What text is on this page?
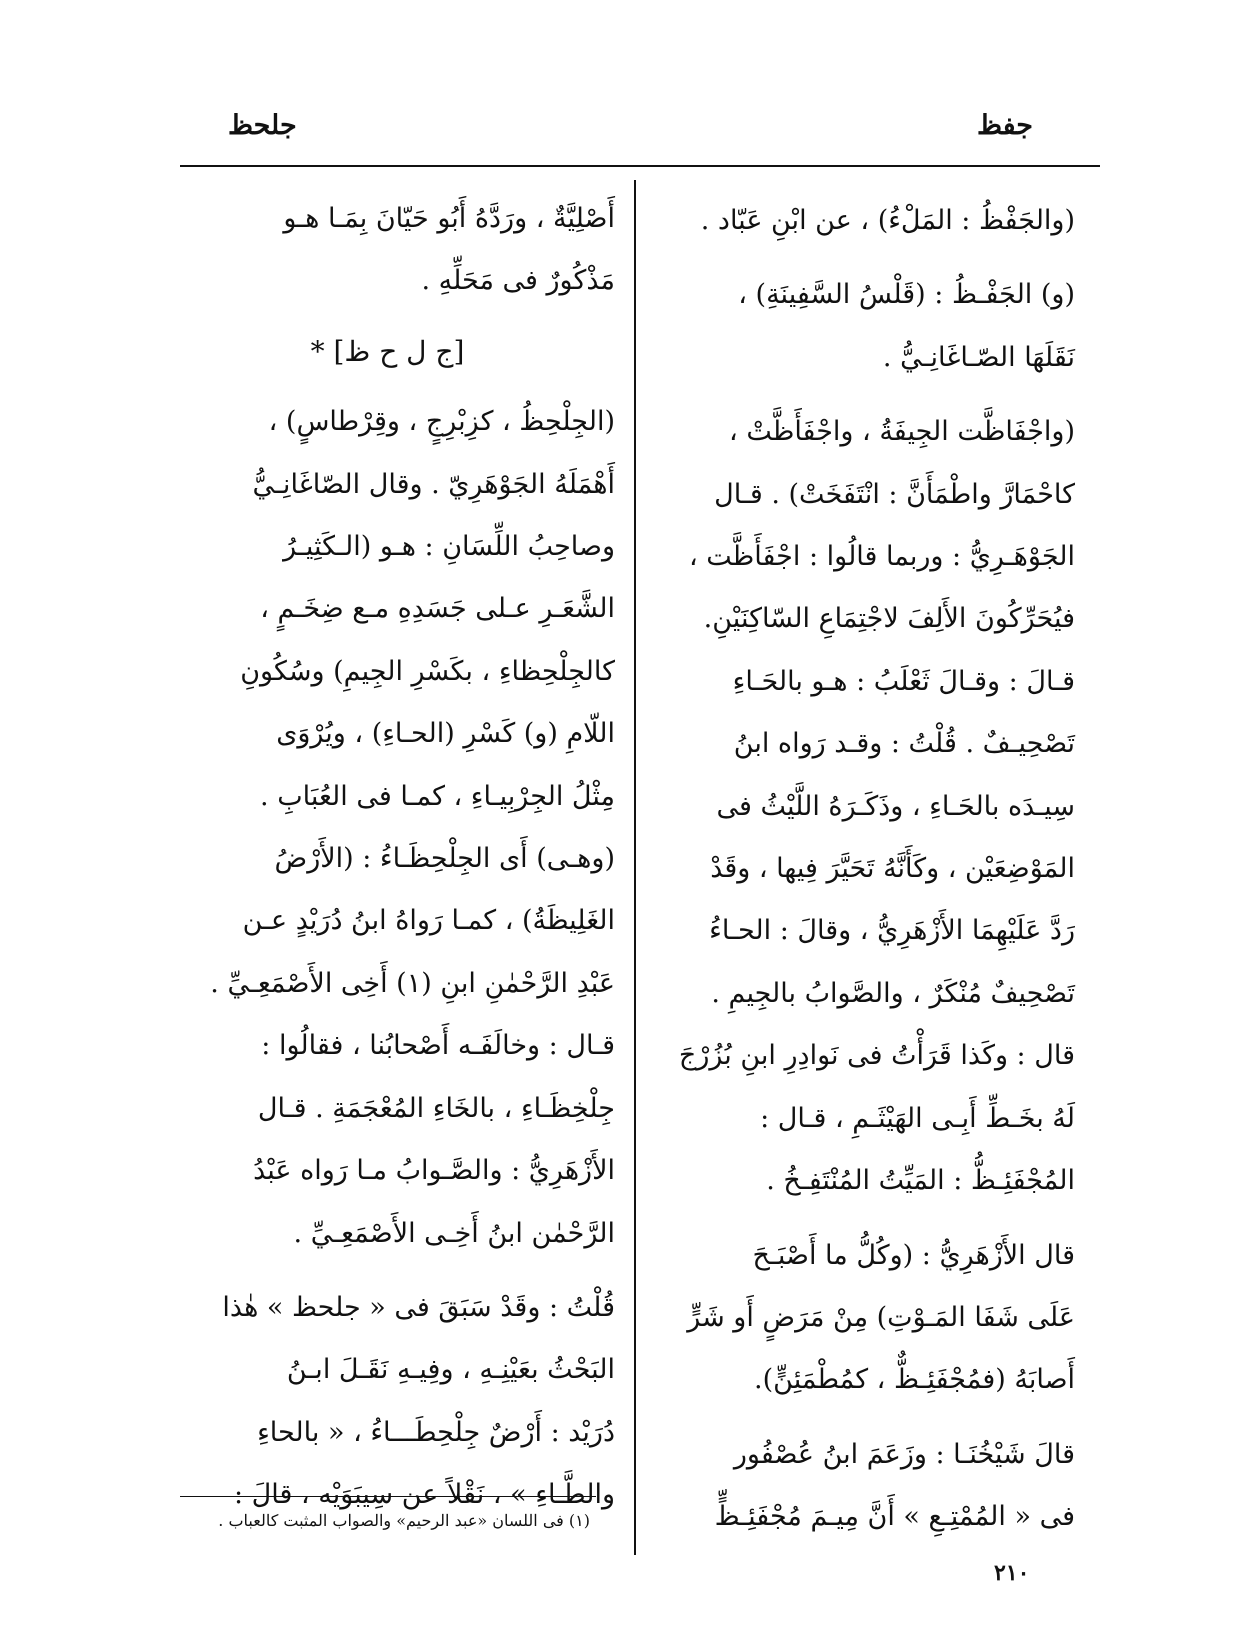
جلحظ	جفظ

(والجَفْظُ : المَلْءُ) ، عن ابْنِ عَبّاد .

(و) الجَفْـظُ : (قَلْسُ السَّفِينَةِ) ،

نَقَلَهَا الصّـاغَانِـيُّ .

(واجْفَاظَّت الجِيفَةُ ، واجْفَأَظَّتْ ،

كاحْمَارَّ واطْمَأَنَّ : انْتَفَخَتْ) . قـال

الجَوْهَـرِيُّ : وربما قالُوا : اجْفَأَظَّت ،

فيُحَرِّكُونَ الأَلِفَ لاجْتِمَاعِ السّاكِنَيْنِ.

قـالَ : وقـالَ ثَعْلَبُ : هـو بالحَـاءِ

تَصْحِيـفٌ . قُلْتُ : وقـد رَواه ابنُ

سِيـدَه بالحَـاءِ ، وذَكَـرَهُ اللَّيْثُ فى

المَوْضِعَيْن ، وكَأَنَّهُ تَحَيَّرَ فِيها ، وقَدْ

رَدَّ عَلَيْهِمَا الأَزْهَرِيُّ ، وقالَ : الحـاءُ

تَصْحِيفٌ مُنْكَرٌ ، والصَّوابُ بالجِيمِ .

قال : وكَذا قَرَأْتُ فى نَوادِرِ ابنِ بُزُرْجَ

لَهُ بخَـطِّ أَبِـى الهَيْثَـمِ ، قـال :

المُجْفَئِـظُّ : المَيِّتُ المُنْتَفِـخُ .

قال الأَزْهَرِيُّ : (وكُلُّ ما أَصْبَـحَ

عَلَى شَفَا المَـوْتِ) مِنْ مَرَضٍ أَو شَرٍّ

أَصابَهُ (فمُجْفَئِـظٌّ ، كمُطْمَئِنٍّ).

قالَ شَيْخُنَـا : وزَعَمَ ابنُ عُصْفُور

فى « المُمْتِـعِ » أَنَّ مِيـمَ مُجْفَئِـظٍّ

أَصْلِيَّةٌ ، ورَدَّهُ أَبُو حَيّانَ بِمَـا هـو

مَذْكُورٌ فى مَحَلِّهِ .

[ج ل ح ظ] *

(الجِلْحِظُ ، كزِبْرِجٍ ، وقِرْطاسٍ) ،

أَهْمَلَهُ الجَوْهَرِيّ . وقال الصّاغَانِـيُّ

وصاحِبُ اللِّسَانِ : هـو (الـكَثِيـرُ

الشَّعَـرِ عـلى جَسَدِهِ مـع ضِخَـمٍ ،

كالجِلْحِظاءِ ، بكَسْرِ الجِيمِ) وسُكُونِ

اللّامِ (و) كَسْرِ (الحـاءِ) ، ويُرْوَى

مِثْلُ الجِرْبِيـاءِ ، كمـا فى العُبَابِ .

(وهـى) أَى الجِلْحِظَـاءُ : (الأَرْضُ

الغَلِيظَةُ) ، كمـا رَواهُ ابنُ دُرَيْدٍ عـن

عَبْدِ الرَّحْمٰنِ ابنِ (١) أَخِى الأَصْمَعِـيِّ .

قـال : وخالَفَـه أَصْحابُنا ، فقالُوا :

جِلْخِظَـاءِ ، بالخَاءِ المُعْجَمَةِ . قـال

الأَزْهَرِيُّ : والصَّـوابُ مـا رَواه عَبْدُ

الرَّحْمٰن ابنُ أَخِـى الأَصْمَعِـيِّ .

قُلْتُ : وقَدْ سَبَقَ فى « جلحظ » هٰذا

البَحْثُ بعَيْنِـهِ ، وفِيـهِ نَقَـلَ ابـنُ

دُرَيْد : أَرْضٌ جِلْحِطَـــاءُ ، « بالحاءِ

والطَّـاءِ » ، نَقْلاً عن سِيبَوَيْه ، قالَ :

(١) فى اللسان «عبد الرحيم» والصواب المثبت كالعباب .
٢١٠
